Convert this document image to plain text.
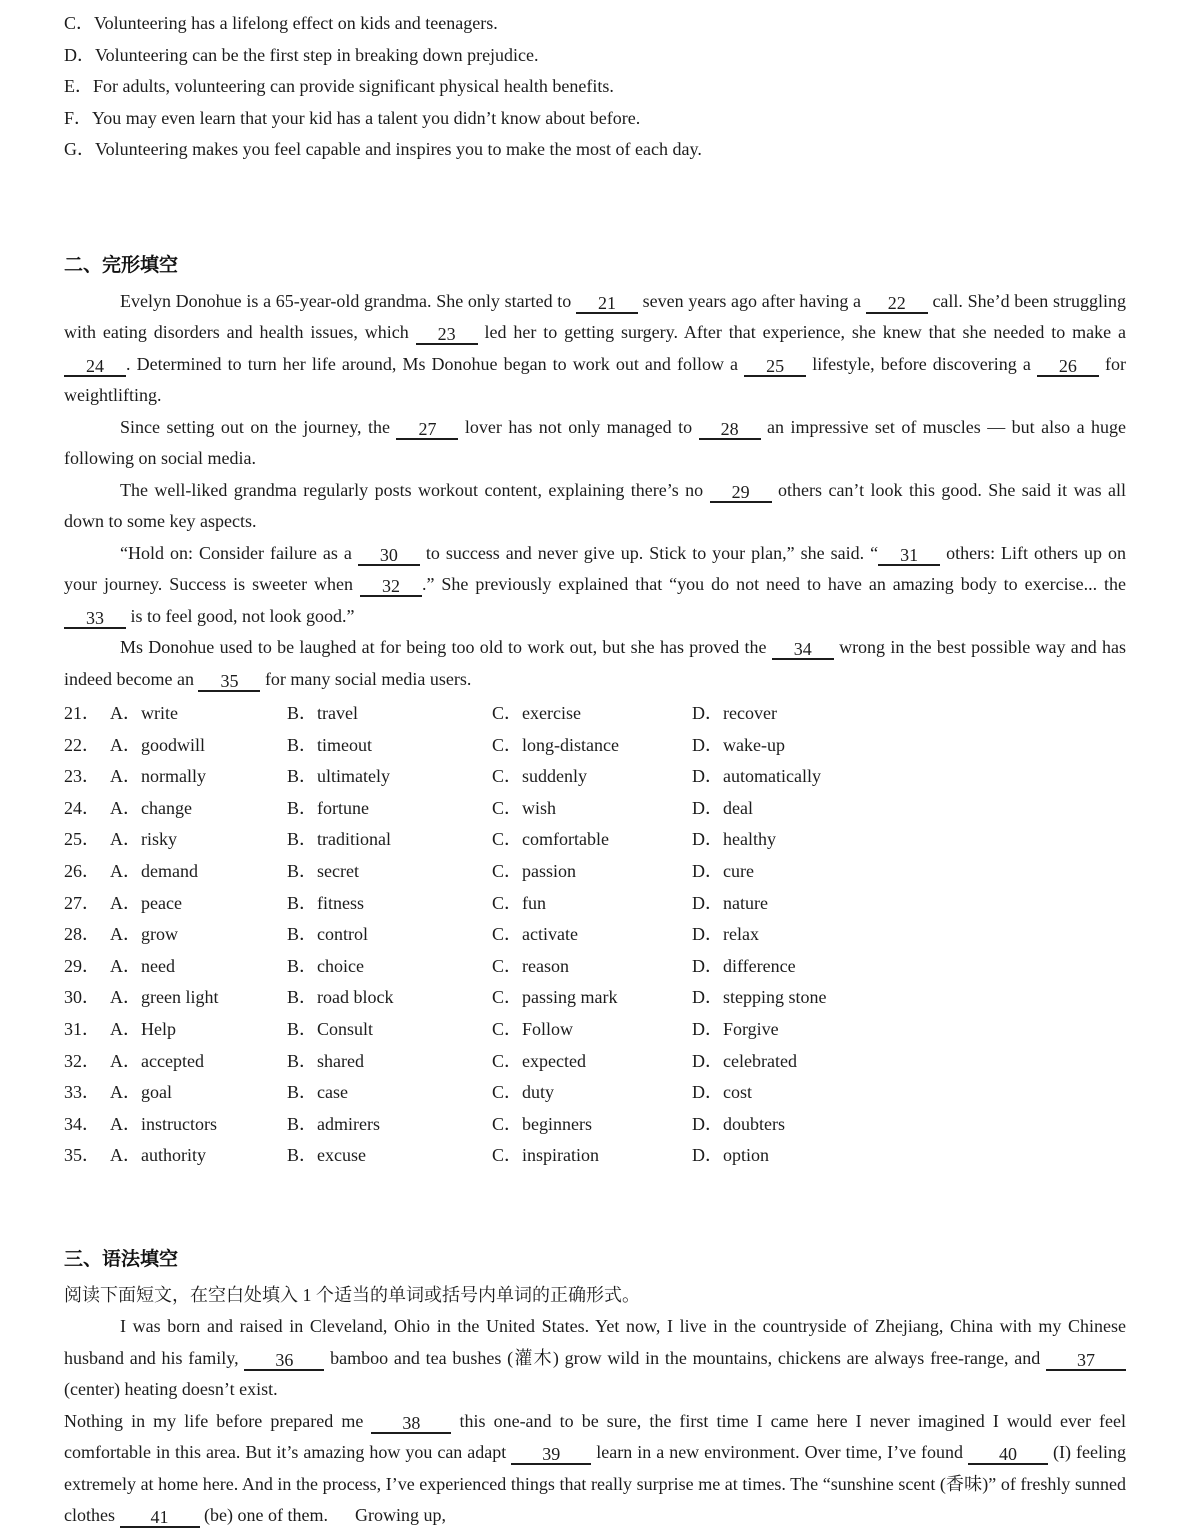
C．Volunteering has a lifelong effect on kids and teenagers.
D．Volunteering can be the first step in breaking down prejudice.
E．For adults, volunteering can provide significant physical health benefits.
F．You may even learn that your kid has a talent you didn’t know about before.
G．Volunteering makes you feel capable and inspires you to make the most of each day.
二、完形填空
Evelyn Donohue is a 65-year-old grandma. She only started to 21 seven years ago after having a 22 call. She’d been struggling with eating disorders and health issues, which 23 led her to getting surgery. After that experience, she knew that she needed to make a 24 . Determined to turn her life around, Ms Donohue began to work out and follow a 25 lifestyle, before discovering a 26 for weightlifting.
Since setting out on the journey, the 27 lover has not only managed to 28 an impressive set of muscles — but also a huge following on social media.
The well-liked grandma regularly posts workout content, explaining there’s no 29 others can’t look this good. She said it was all down to some key aspects.
“Hold on: Consider failure as a 30 to success and never give up. Stick to your plan,” she said. “ 31 others: Lift others up on your journey. Success is sweeter when 32 .” She previously explained that “you do not need to have an amazing body to exercise... the 33 is to feel good, not look good.”
Ms Donohue used to be laughed at for being too old to work out, but she has proved the 34 wrong in the best possible way and has indeed become an 35 for many social media users.
21． A．write	B．travel	C．exercise	D．recover
22． A．goodwill	B．timeout	C．long-distance	D．wake-up
23． A．normally	B．ultimately	C．suddenly	D．automatically
24． A．change	B．fortune	C．wish	D．deal
25． A．risky	B．traditional	C．comfortable	D．healthy
26． A．demand	B．secret	C．passion	D．cure
27． A．peace	B．fitness	C．fun	D．nature
28． A．grow	B．control	C．activate	D．relax
29． A．need	B．choice	C．reason	D．difference
30． A．green light	B．road block	C．passing mark	D．stepping stone
31． A．Help	B．Consult	C．Follow	D．Forgive
32． A．accepted	B．shared	C．expected	D．celebrated
33． A．goal	B．case	C．duty	D．cost
34． A．instructors	B．admirers	C．beginners	D．doubters
35． A．authority	B．excuse	C．inspiration	D．option
三、语法填空
阅读下面短文，在空白处填入 1 个适当的单词或括号内单词的正确形式。
I was born and raised in Cleveland, Ohio in the United States. Yet now, I live in the countryside of Zhejiang, China with my Chinese husband and his family, 36 bamboo and tea bushes (灌木) grow wild in the mountains, chickens are always free-range, and 37 (center) heating doesn’t exist.
Nothing in my life before prepared me 38 this one-and to be sure, the first time I came here I never imagined I would ever feel comfortable in this area. But it’s amazing how you can adapt 39 learn in a new environment. Over time, I’ve found 40 (I) feeling extremely at home here. And in the process, I’ve experienced things that really surprise me at times. The “sunshine scent (香味)” of freshly sunned clothes 41 (be) one of them.  Growing up,
